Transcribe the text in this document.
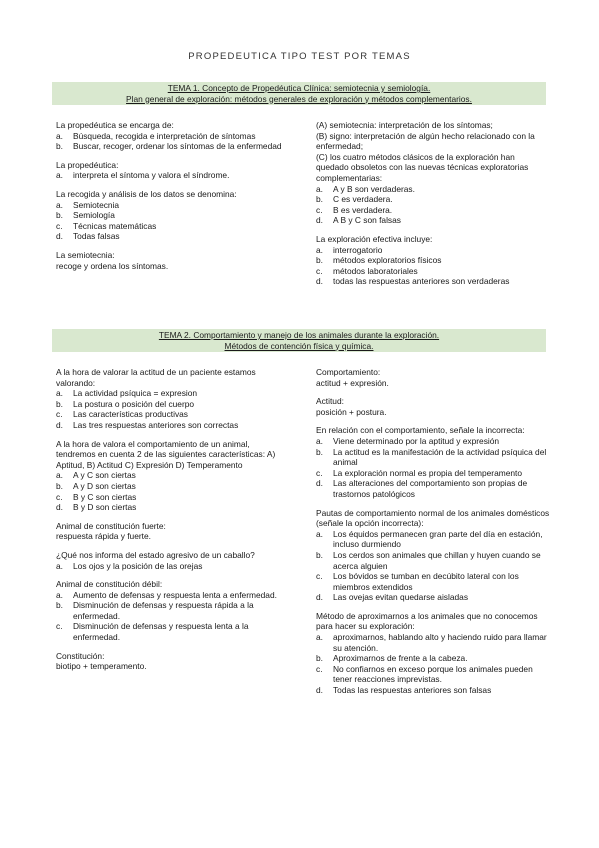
PROPEDEUTICA TIPO TEST POR TEMAS
TEMA 1. Concepto de Propedéutica Clínica: semiotecnia y semiología.
Plan general de exploración: métodos generales de exploración y métodos complementarios.
La propedéutica se encarga de:
a.	Búsqueda, recogida e interpretación de síntomas
b.	Buscar, recoger, ordenar los síntomas de la enfermedad
La propedéutica:
a.	interpreta el síntoma y valora el síndrome.
La recogida y análisis de los datos se denomina:
a.	Semiotecnia
b.	Semiología
c.	Técnicas matemáticas
d.	Todas falsas
La semiotecnia:
recoge y ordena los síntomas.
(A) semiotecnia: interpretación de los síntomas;
(B) signo: interpretación de algún hecho relacionado con la enfermedad;
(C) los cuatro métodos clásicos de la exploración han quedado obsoletos con las nuevas técnicas exploratorias complementarias:
a.	A y B son verdaderas.
b.	C es verdadera.
c.	B es verdadera.
d.	A B y C son falsas
La exploración efectiva incluye:
a.	interrogatorio
b.	métodos exploratorios físicos
c.	métodos laboratoriales
d.	todas las respuestas anteriores son verdaderas
TEMA 2. Comportamiento y manejo de los animales durante la exploración.
Métodos de contención física y química.
A la hora de valorar la actitud de un paciente estamos valorando:
a.	La actividad psíquica = expresion
b.	La postura o posición del cuerpo
c.	Las características productivas
d.	Las tres respuestas anteriores son correctas
A la hora de valora el comportamiento de un animal, tendremos en cuenta 2 de las siguientes características: A) Aptitud, B) Actitud C) Expresión D) Temperamento
a.	A y C son ciertas
b.	A y D son ciertas
c.	B y C son ciertas
d.	B y D son ciertas
Animal de constitución fuerte:
respuesta rápida y fuerte.
¿Qué nos informa del estado agresivo de un caballo?
a.	Los ojos y la posición de las orejas
Animal de constitución débil:
a.	Aumento de defensas y respuesta lenta a enfermedad.
b.	Disminución de defensas y respuesta rápida a la enfermedad.
c.	Disminución de defensas y respuesta lenta a la enfermedad.
Constitución:
biotipo + temperamento.
Comportamiento:
actitud + expresión.
Actitud:
posición + postura.
En relación con el comportamiento, señale la incorrecta:
a.	Viene determinado por la aptitud y expresión
b.	La actitud es la manifestación de la actividad psíquica del animal
c.	La exploración normal es propia del temperamento
d.	Las alteraciones del comportamiento son propias de trastornos patológicos
Pautas de comportamiento normal de los animales domésticos (señale la opción incorrecta):
a.	Los équidos permanecen gran parte del día en estación, incluso durmiendo
b.	Los cerdos son animales que chillan y huyen cuando se acerca alguien
c.	Los bóvidos se tumban en decúbito lateral con los miembros extendidos
d.	Las ovejas evitan quedarse aisladas
Método de aproximarnos a los animales que no conocemos para hacer su exploración:
a.	aproximarnos, hablando alto y haciendo ruido para llamar su atención.
b.	Aproximarnos de frente a la cabeza.
c.	No confiarnos en exceso porque los animales pueden tener reacciones imprevistas.
d.	Todas las respuestas anteriores son falsas
